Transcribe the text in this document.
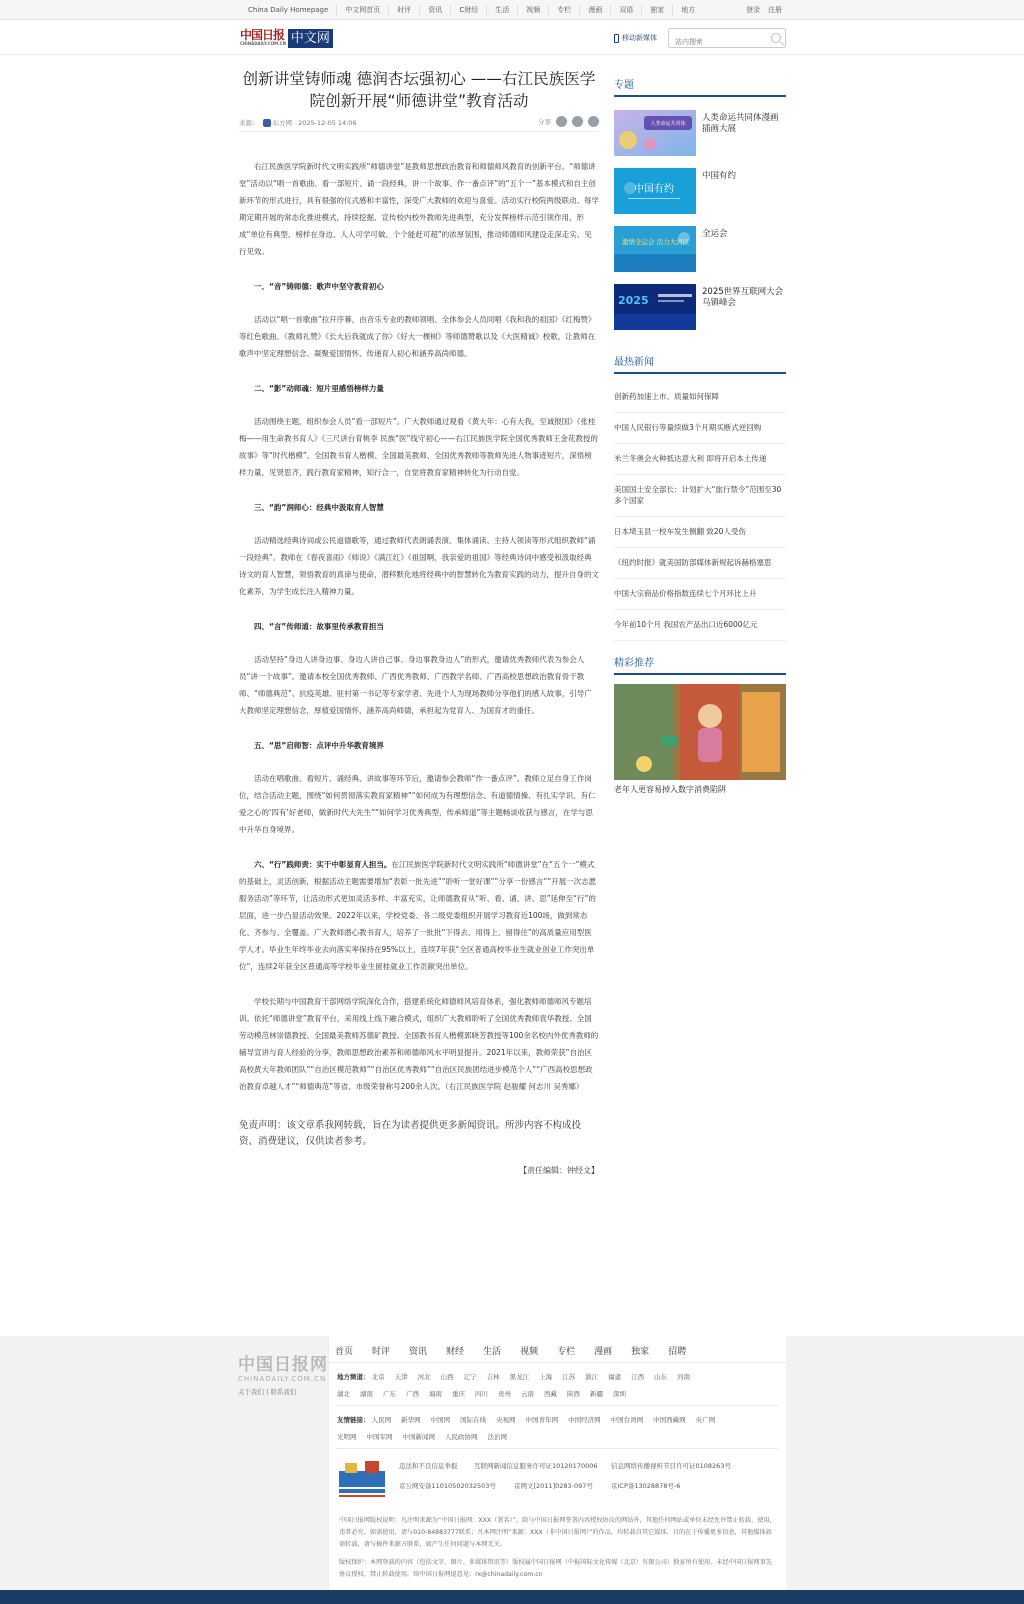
China Daily Homepage	中文网首页	时评	资讯	C财经	生活	视频	专栏	漫画	双语	独家	地方	登录 注册
中国日报
CHINADAILY.COM.CN 中文网	移动新媒体
站内搜索
创新讲堂铸师魂 德润杏坛强初心 ——右江民族医学院创新开展“师德讲堂”教育活动
来源： 东方网 2025-12-05 14:06	分享

右江民族医学院新时代文明实践所“师德讲堂”是教师思想政治教育和师德师风教育的创新平台。“师德讲堂”活动以“唱一首歌曲、看一部短片、诵一段经典、讲一个故事、作一番点评”的“五个一”基本模式和自主创新环节的形式进行，具有很强的仪式感和丰富性，深受广大教师的欢迎与喜爱。活动实行校院两级联动、每学期定期开展的常态化推进模式，持续挖掘、宣传校内校外教师先进典型，充分发挥榜样示范引领作用，形成“单位有典型、榜样在身边、人人可学可做、个个能赶可超”的浓厚氛围，推动师德师风建设走深走实、见行见效。

一、“音”铸师德：歌声中坚守教育初心

活动以“唱一首歌曲”拉开序幕，由音乐专业的教师领唱、全体参会人员同唱《我和我的祖国》《红梅赞》等红色歌曲、《教师礼赞》《长大后我就成了你》《好大一棵树》等师德赞歌以及《大医精诚》校歌，让教师在歌声中坚定理想信念、凝聚爱国情怀、传递育人初心和涵养高尚师德。

二、“影”动师魂：短片里感悟榜样力量

活动围绕主题，组织参会人员“看一部短片”。广大教师通过观看《黄大年：心有大我，至诚报国》《张桂梅——用生命教书育人》《三尺讲台育桃李 民族“医”线守初心——右江民族医学院全国优秀教师王金花教授的故事》等“时代楷模”、全国教书育人楷模、全国最美教师、全国优秀教师等教师先进人物事迹短片，深悟榜样力量，见贤思齐，践行教育家精神，知行合一，自觉将教育家精神转化为行动自觉。

三、“韵”润师心：经典中汲取育人智慧

活动精选经典诗词或公民道德歌等，通过教师代表朗诵表演、集体诵读、主持人领读等形式组织教师“诵一段经典”。教师在《春夜喜雨》《师说》《满江红》《祖国啊，我亲爱的祖国》等经典诗词中感受和汲取经典诗文的育人智慧，领悟教育的真谛与使命，潜移默化地将经典中的智慧转化为教育实践的动力，提升自身的文化素养，为学生成长注入精神力量。

四、“言”传师道：故事里传承教育担当

活动坚持“身边人讲身边事、身边人讲自己事、身边事教身边人”的形式，邀请优秀教师代表为参会人员“讲一个故事”。邀请本校全国优秀教师、广西优秀教师、广西教学名师、广西高校思想政治教育骨干教师、“师德典范”、抗疫英雄、驻村第一书记等专家学者、先进个人为现场教师分享他们的感人故事，引导广大教师坚定理想信念，厚植爱国情怀，涵养高尚师德，承担起为党育人、为国育才的重任。

五、“思”启师智：点评中升华教育境界

活动在唱歌曲、看短片、诵经典、讲故事等环节后，邀请参会教师“作一番点评”。教师立足自身工作岗位，结合活动主题，围绕“如何贯彻落实教育家精神”“如何成为有理想信念、有道德情操、有扎实学识、有仁爱之心的‘四有’好老师，做新时代大先生”“如何学习优秀典型，传承师道”等主题畅谈收获与感言，在学与思中升华自身境界。

六、“行”践师责：实干中彰显育人担当。在江民族医学院新时代文明实践所“师德讲堂”在“五个一”模式的基础上，灵活创新，根据活动主题需要增加“表彰一批先进”“聆听一堂好课”“分享一份感言”“开展一次志愿服务活动”等环节，让活动形式更加灵活多样、丰富充实，让师德教育从“听、看、诵、讲、思”延伸至“行”的层面，进一步凸显活动效果。2022年以来，学校党委、各二级党委组织开展学习教育近100场，做到常态化、齐参与、全覆盖。广大教师潜心教书育人，培养了一批批“下得去、用得上、留得住”的高质量应用型医学人才。毕业生年终毕业去向落实率保持在95%以上，连续7年获“全区普通高校毕业生就业创业工作突出单位”，连续2年获全区普通高等学校毕业生留桂就业工作贡献突出单位。

学校长期与中国教育干部网络学院深化合作，搭建系统化师德师风培育体系，强化教师师德师风专题培训。依托“师德讲堂”教育平台，采用线上线下融合模式，组织广大教师聆听了全国优秀教师袁华教授、全国劳动模范林崇德教授、全国最美教师苏德矿教授、全国教书育人楷模郭晓芳教授等100余名校内外优秀教师的辅导宣讲与育人经验的分享，教师思想政治素养和师德师风水平明显提升。2021年以来，教师荣获“自治区高校黄大年教师团队”“自治区模范教师”“自治区优秀教师”“自治区民族团结进步模范个人”“广西高校思想政治教育卓越人才”“师德典范”等省、市级荣誉称号200余人次。（右江民族医学院 赵骏耀 何志川 吴秀娜）

免责声明：该文章系我网转载，旨在为读者提供更多新闻资讯。所涉内容不构成投资、消费建议，仅供读者参考。
【责任编辑：钟经文】
专题
人类命运共同体
人类命运共同体漫画插画大展
中国有约
中国有约
激情全运会 活力大湾区
全运会
2025
2025世界互联网大会乌镇峰会
最热新闻
创新药加速上市、质量如何保障
中国人民银行等量续做3个月期买断式逆回购
米兰冬奥会火种抵达意大利 即将开启本土传递
美国国土安全部长：计划扩大“旅行禁令”范围至30多个国家
日本埼玉县一校车发生侧翻 致20人受伤
《纽约时报》就美国防部媒体新规起诉赫格塞思
中国大宗商品价格指数连续七个月环比上升
今年前10个月 我国农产品出口近6000亿元
精彩推荐
老年人更容易掉入数字消费陷阱
中国日报网
CHINADAILY.COM.CN
关于我们 | 联系我们
首页 时评 资讯 财经 生活 视频 专栏 漫画 独家 招聘
地方频道： 北京 天津 河北 山西 辽宁 吉林 黑龙江 上海 江苏 浙江 福建 江西 山东 河南
湖北 湖南 广东 广西 海南 重庆 四川 贵州 云南 西藏 陕西 新疆 深圳
友情链接： 人民网 新华网 中国网 国际在线 央视网 中国青年网 中国经济网 中国台湾网 中国西藏网 央广网
光明网 中国军网 中国新闻网 人民政协网 法治网
违法和不良信息举报	互联网新闻信息服务许可证10120170006 信息网络传播视听节目许可证0108263号
京公网安备11010502032503号	京网文[2011]0283-097号	京ICP备13028878号-6
中国日报网版权说明：凡注明来源为“中国日报网：XXX（署名）”，除与中国日报网签署内容授权协议的网站外，其他任何网站或单位未经允许禁止转载、使用，违者必究。如需使用，请与010-84883777联系；凡本网注明“来源：XXX（非中国日报网）”的作品，均转载自其它媒体，目的在于传播更多信息，其他媒体如需转载，请与稿件来源方联系，如产生任何问题与本网无关。
版权保护：本网登载的内容（包括文字、图片、多媒体资讯等）版权属中国日报网（中报国际文化传媒（北京）有限公司）独家所有使用。未经中国日报网事先协议授权，禁止转载使用。给中国日报网提意见：rx@chinadaily.com.cn
